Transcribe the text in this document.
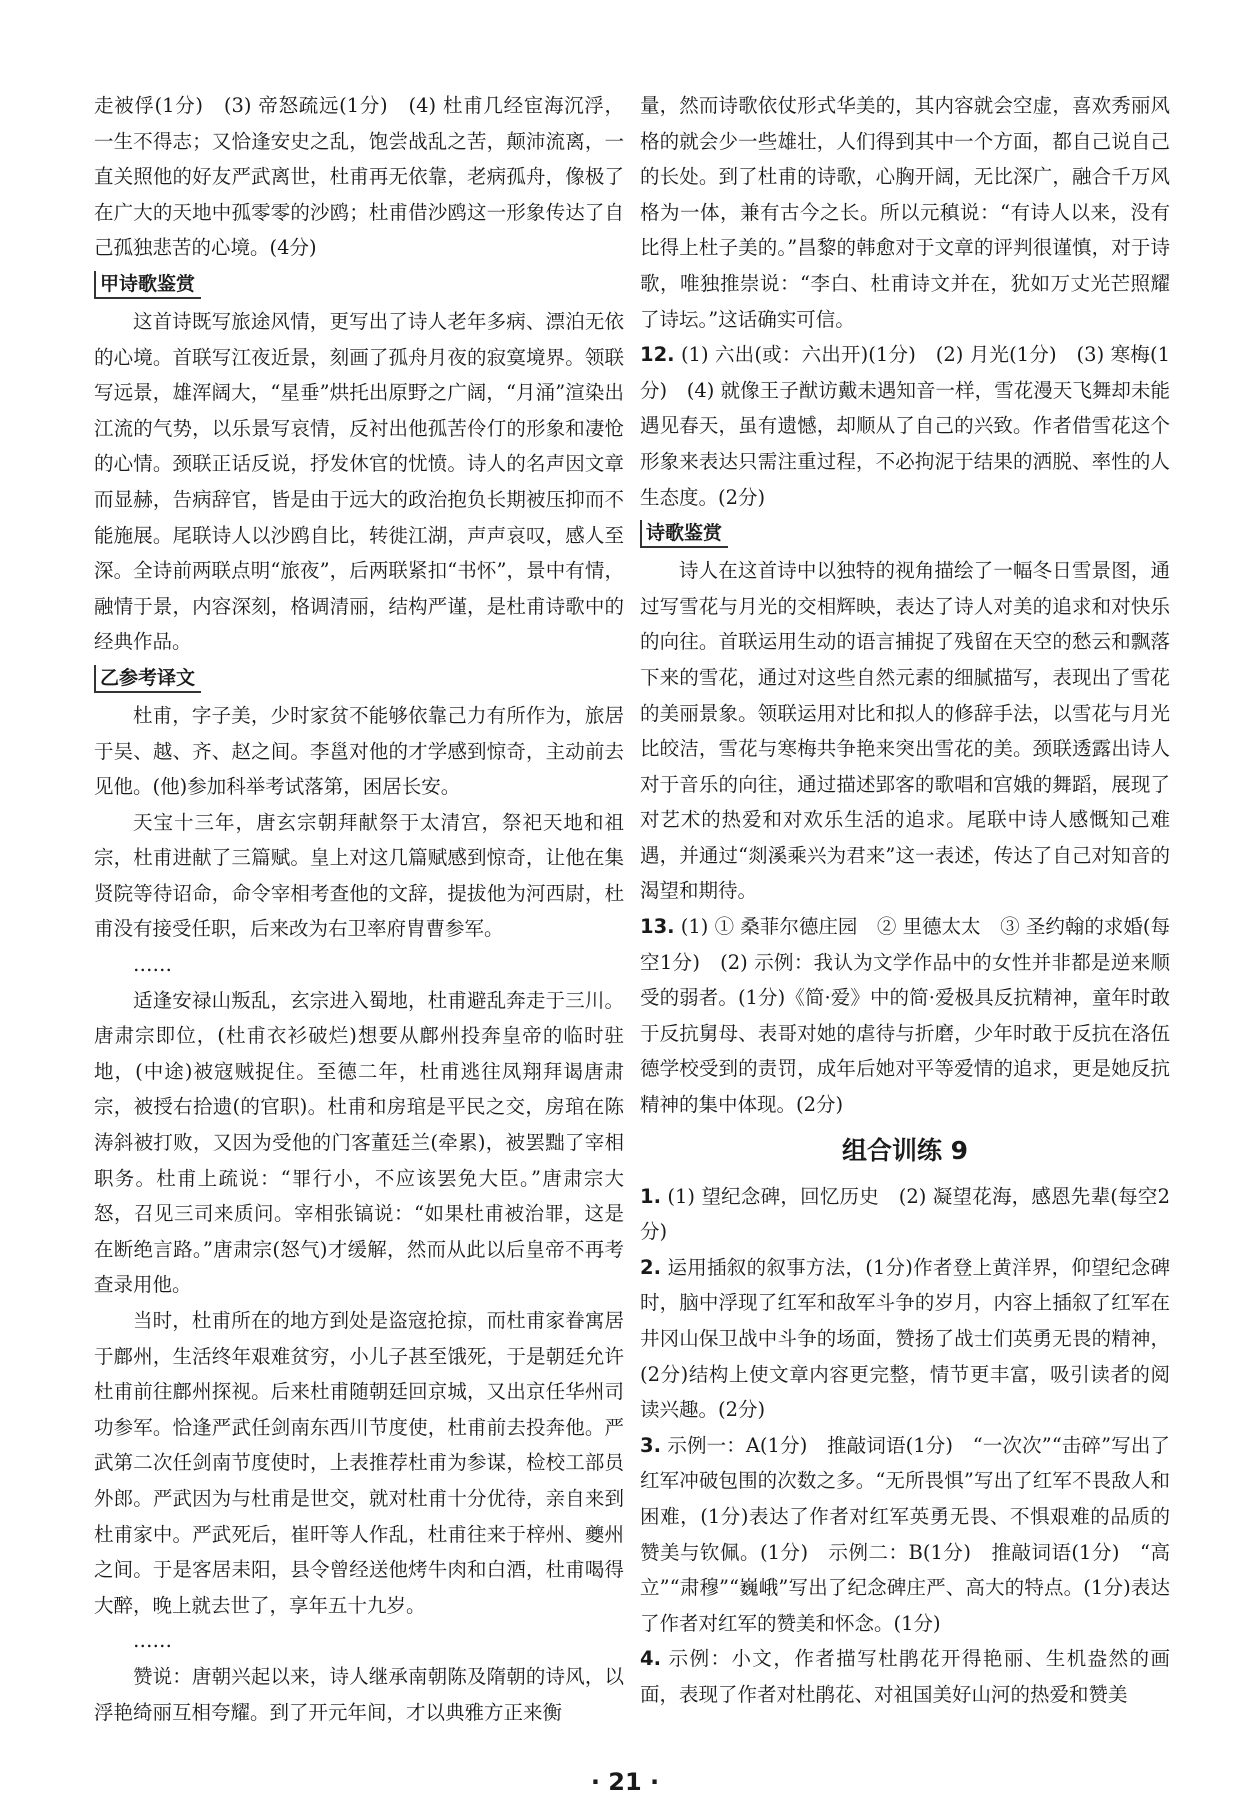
走被俘(1分)　(3) 帝怒疏远(1分)　(4) 杜甫几经宦海沉浮，一生不得志；又恰逢安史之乱，饱尝战乱之苦，颠沛流离，一直关照他的好友严武离世，杜甫再无依靠，老病孤舟，像极了在广大的天地中孤零零的沙鸥；杜甫借沙鸥这一形象传达了自己孤独悲苦的心境。(4分)

甲诗歌鉴赏

这首诗既写旅途风情，更写出了诗人老年多病、漂泊无依的心境。首联写江夜近景，刻画了孤舟月夜的寂寞境界。领联写远景，雄浑阔大，“星垂”烘托出原野之广阔，“月涌”渲染出江流的气势，以乐景写哀情，反衬出他孤苦伶仃的形象和凄怆的心情。颈联正话反说，抒发休官的忧愤。诗人的名声因文章而显赫，告病辞官，皆是由于远大的政治抱负长期被压抑而不能施展。尾联诗人以沙鸥自比，转徙江湖，声声哀叹，感人至深。全诗前两联点明“旅夜”，后两联紧扣“书怀”，景中有情，融情于景，内容深刻，格调清丽，结构严谨，是杜甫诗歌中的经典作品。

乙参考译文

杜甫，字子美，少时家贫不能够依靠己力有所作为，旅居于吴、越、齐、赵之间。李邕对他的才学感到惊奇，主动前去见他。(他)参加科举考试落第，困居长安。

天宝十三年，唐玄宗朝拜献祭于太清宫，祭祀天地和祖宗，杜甫进献了三篇赋。皇上对这几篇赋感到惊奇，让他在集贤院等待诏命，命令宰相考查他的文辞，提拔他为河西尉，杜甫没有接受任职，后来改为右卫率府胄曹参军。

……

适逢安禄山叛乱，玄宗进入蜀地，杜甫避乱奔走于三川。唐肃宗即位，(杜甫衣衫破烂)想要从鄜州投奔皇帝的临时驻地，(中途)被寇贼捉住。至德二年，杜甫逃往凤翔拜谒唐肃宗，被授右拾遗(的官职)。杜甫和房琯是平民之交，房琯在陈涛斜被打败，又因为受他的门客董廷兰(牵累)，被罢黜了宰相职务。杜甫上疏说：“罪行小，不应该罢免大臣。”唐肃宗大怒，召见三司来质问。宰相张镐说：“如果杜甫被治罪，这是在断绝言路。”唐肃宗(怒气)才缓解，然而从此以后皇帝不再考查录用他。

当时，杜甫所在的地方到处是盗寇抢掠，而杜甫家眷寓居于鄜州，生活终年艰难贫穷，小儿子甚至饿死，于是朝廷允许杜甫前往鄜州探视。后来杜甫随朝廷回京城，又出京任华州司功参军。恰逢严武任剑南东西川节度使，杜甫前去投奔他。严武第二次任剑南节度使时，上表推荐杜甫为参谋，检校工部员外郎。严武因为与杜甫是世交，就对杜甫十分优待，亲自来到杜甫家中。严武死后，崔旰等人作乱，杜甫往来于梓州、夔州之间。于是客居耒阳，县令曾经送他烤牛肉和白酒，杜甫喝得大醉，晚上就去世了，享年五十九岁。

……

赞说：唐朝兴起以来，诗人继承南朝陈及隋朝的诗风，以浮艳绮丽互相夸耀。到了开元年间，才以典雅方正来衡

量，然而诗歌依仗形式华美的，其内容就会空虚，喜欢秀丽风格的就会少一些雄壮，人们得到其中一个方面，都自己说自己的长处。到了杜甫的诗歌，心胸开阔，无比深广，融合千万风格为一体，兼有古今之长。所以元稹说：“有诗人以来，没有比得上杜子美的。”昌黎的韩愈对于文章的评判很谨慎，对于诗歌，唯独推崇说：“李白、杜甫诗文并在，犹如万丈光芒照耀了诗坛。”这话确实可信。

12. (1) 六出(或：六出开)(1分)　(2) 月光(1分)　(3) 寒梅(1分)　(4) 就像王子猷访戴未遇知音一样，雪花漫天飞舞却未能遇见春天，虽有遗憾，却顺从了自己的兴致。作者借雪花这个形象来表达只需注重过程，不必拘泥于结果的洒脱、率性的人生态度。(2分)

诗歌鉴赏

诗人在这首诗中以独特的视角描绘了一幅冬日雪景图，通过写雪花与月光的交相辉映，表达了诗人对美的追求和对快乐的向往。首联运用生动的语言捕捉了残留在天空的愁云和飘落下来的雪花，通过对这些自然元素的细腻描写，表现出了雪花的美丽景象。领联运用对比和拟人的修辞手法，以雪花与月光比皎洁，雪花与寒梅共争艳来突出雪花的美。颈联透露出诗人对于音乐的向往，通过描述郢客的歌唱和宫娥的舞蹈，展现了对艺术的热爱和对欢乐生活的追求。尾联中诗人感慨知己难遇，并通过“剡溪乘兴为君来”这一表述，传达了自己对知音的渴望和期待。

13. (1) ① 桑菲尔德庄园　② 里德太太　③ 圣约翰的求婚(每空1分)　(2) 示例：我认为文学作品中的女性并非都是逆来顺受的弱者。(1分)《简·爱》中的简·爱极具反抗精神，童年时敢于反抗舅母、表哥对她的虐待与折磨，少年时敢于反抗在洛伍德学校受到的责罚，成年后她对平等爱情的追求，更是她反抗精神的集中体现。(2分)

组合训练 9

1. (1) 望纪念碑，回忆历史　(2) 凝望花海，感恩先辈(每空2分)

2. 运用插叙的叙事方法，(1分)作者登上黄洋界，仰望纪念碑时，脑中浮现了红军和敌军斗争的岁月，内容上插叙了红军在井冈山保卫战中斗争的场面，赞扬了战士们英勇无畏的精神，(2分)结构上使文章内容更完整，情节更丰富，吸引读者的阅读兴趣。(2分)

3. 示例一：A(1分)　推敲词语(1分)　“一次次”“击碎”写出了红军冲破包围的次数之多。“无所畏惧”写出了红军不畏敌人和困难，(1分)表达了作者对红军英勇无畏、不惧艰难的品质的赞美与钦佩。(1分)　示例二：B(1分)　推敲词语(1分)　“高立”“肃穆”“巍峨”写出了纪念碑庄严、高大的特点。(1分)表达了作者对红军的赞美和怀念。(1分)

4. 示例：小文，作者描写杜鹃花开得艳丽、生机盎然的画面，表现了作者对杜鹃花、对祖国美好山河的热爱和赞美

· 21 ·
